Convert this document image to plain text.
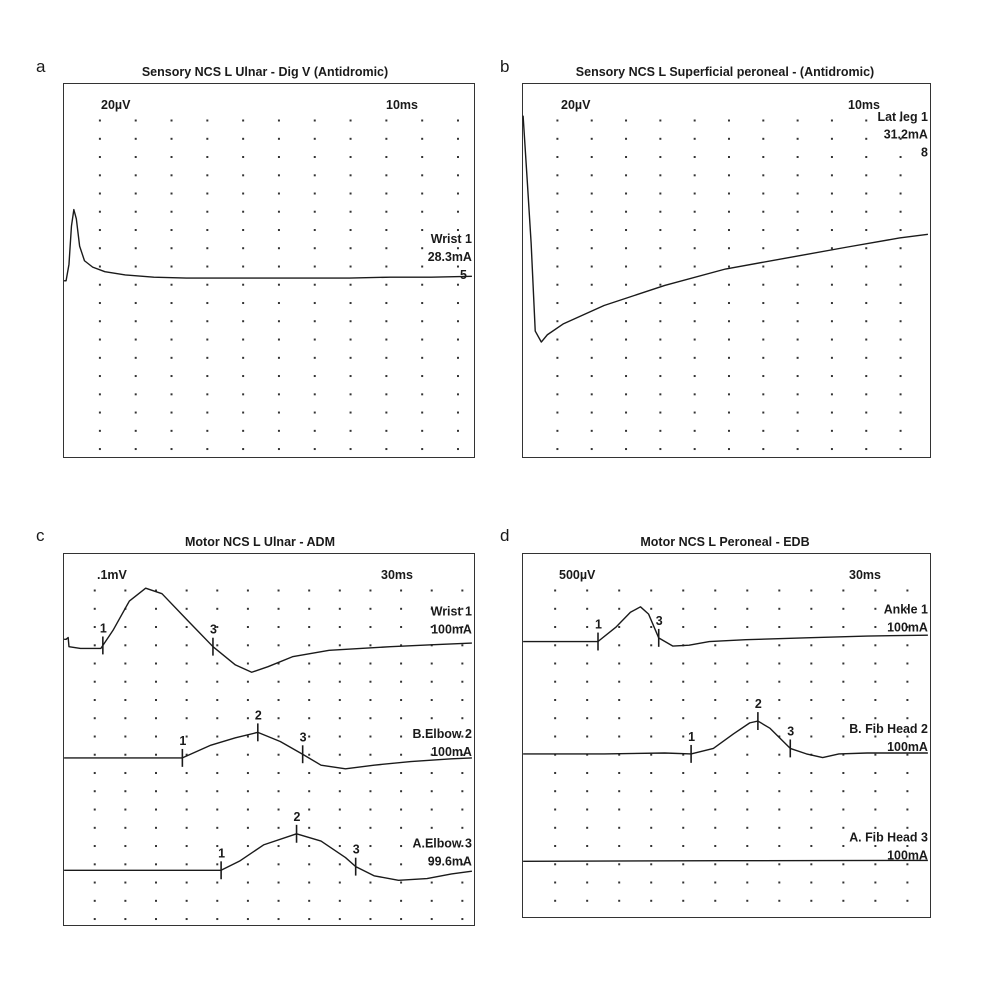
a	Sensory NCS L Ulnar - Dig V (Antidromic)
Wrist 1
28.3mA
5
20µV	10ms
b	Sensory NCS L Superficial peroneal - (Antidromic)
Lat leg 1
31.2mA
8
20µV	10ms
c	Motor NCS L Ulnar - ADM
1	3
Wrist 1
100mA
1
2
3	B.Elbow 2
100mA
1
2
3	A.Elbow 3
99.6mA
.1mV	30ms
d	Motor NCS L Peroneal - EDB
1	3
Ankle 1
100mA
1
2
3	B. Fib Head 2
100mA
A. Fib Head 3
100mA
500µV	30ms
